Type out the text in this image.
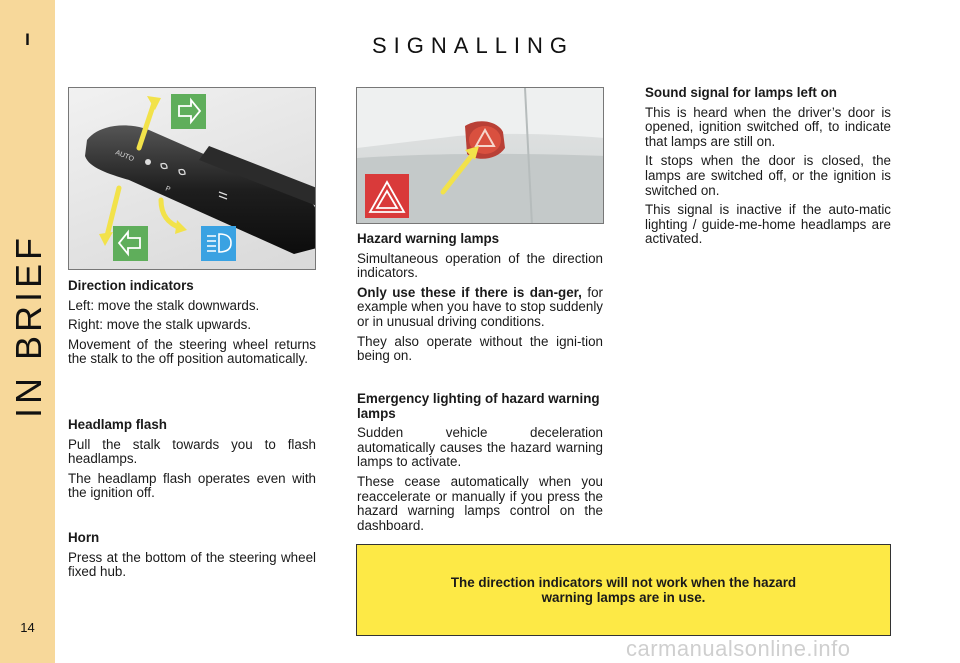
I
14
SIGNALLING
AUTO
P
Direction indicators

Left: move the stalk downwards.

Right: move the stalk upwards.

Movement of the steering wheel returns the stalk to the off position automatically.

Headlamp flash

Pull the stalk towards you to flash headlamps.

The headlamp flash operates even with the ignition off.

Horn

Press at the bottom of the steering wheel fixed hub.

Hazard warning lamps

Simultaneous operation of the direction indicators.

Only use these if there is dan-ger, for example when you have to stop suddenly or in unusual driving conditions.

They also operate without the igni-tion being on.

Emergency lighting of hazard warning lamps

Sudden vehicle deceleration automatically causes the hazard warning lamps to activate.

These cease automatically when you reaccelerate or manually if you press the hazard warning lamps control on the dashboard.

Sound signal for lamps left on

This is heard when the driver’s door is opened, ignition switched off, to indicate that lamps are still on.

It stops when the door is closed, the lamps are switched off, or the ignition is switched on.

This signal is inactive if the auto-matic lighting / guide-me-home headlamps are activated.

The direction indicators will not work when the hazard warning lamps are in use.
carmanualsonline.info
